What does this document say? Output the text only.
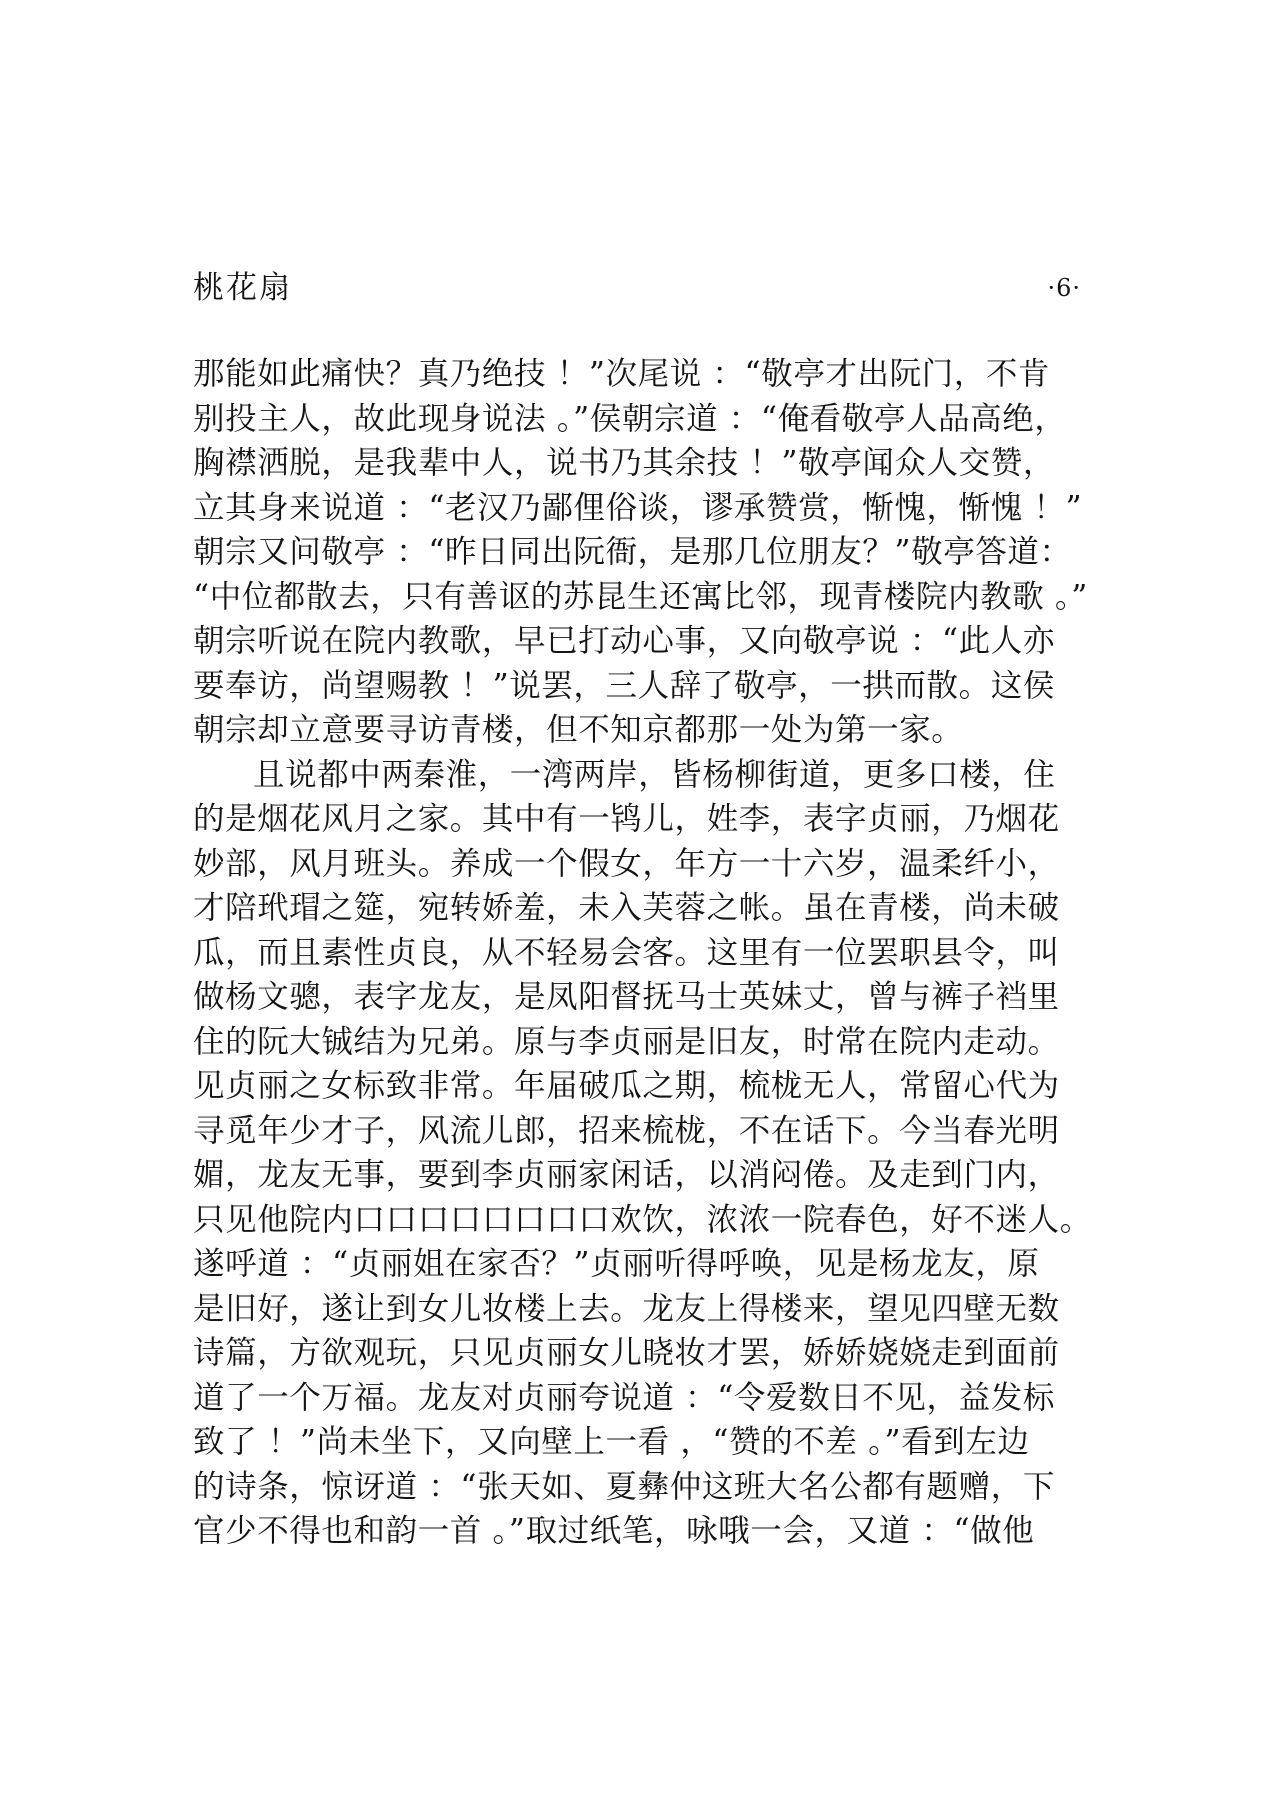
桃花扇	·6·
那能如此痛快？真乃绝技 ！”次尾说 ：“敬亭才出阮门，不肯
别投主人，故此现身说法 。”侯朝宗道 ：“俺看敬亭人品高绝，
胸襟洒脱，是我辈中人，说书乃其余技 ！”敬亭闻众人交赞，
立其身来说道 ：“老汉乃鄙俚俗谈，谬承赞赏，惭愧，惭愧 ！”
朝宗又问敬亭 ：“昨日同出阮衙，是那几位朋友？”敬亭答道：
“中位都散去，只有善讴的苏昆生还寓比邻，现青楼院内教歌 。”
朝宗听说在院内教歌，早已打动心事，又向敬亭说 ：“此人亦
要奉访，尚望赐教 ！”说罢，三人辞了敬亭，一拱而散。这侯
朝宗却立意要寻访青楼，但不知京都那一处为第一家。
且说都中两秦淮，一湾两岸，皆杨柳街道，更多口楼，住
的是烟花风月之家。其中有一鸨儿，姓李，表字贞丽，乃烟花
妙部，风月班头。养成一个假女，年方一十六岁，温柔纤小，
才陪玳瑁之筵，宛转娇羞，未入芙蓉之帐。虽在青楼，尚未破
瓜，而且素性贞良，从不轻易会客。这里有一位罢职县令，叫
做杨文骢，表字龙友，是凤阳督抚马士英妹丈，曾与裤子裆里
住的阮大铖结为兄弟。原与李贞丽是旧友，时常在院内走动。
见贞丽之女标致非常。年届破瓜之期，梳栊无人，常留心代为
寻觅年少才子，风流儿郎，招来梳栊，不在话下。今当春光明
媚，龙友无事，要到李贞丽家闲话，以消闷倦。及走到门内，
只见他院内口口口口口口口口欢饮，浓浓一院春色，好不迷人。
遂呼道 ：“贞丽姐在家否？”贞丽听得呼唤，见是杨龙友，原
是旧好，遂让到女儿妆楼上去。龙友上得楼来，望见四壁无数
诗篇，方欲观玩，只见贞丽女儿晓妆才罢，娇娇娆娆走到面前
道了一个万福。龙友对贞丽夸说道 ：“令爱数日不见，益发标
致了 ！”尚未坐下，又向壁上一看 ，“赞的不差 。”看到左边
的诗条，惊讶道 ：“张天如、夏彝仲这班大名公都有题赠，下
官少不得也和韵一首 。”取过纸笔，咏哦一会，又道 ：“做他
